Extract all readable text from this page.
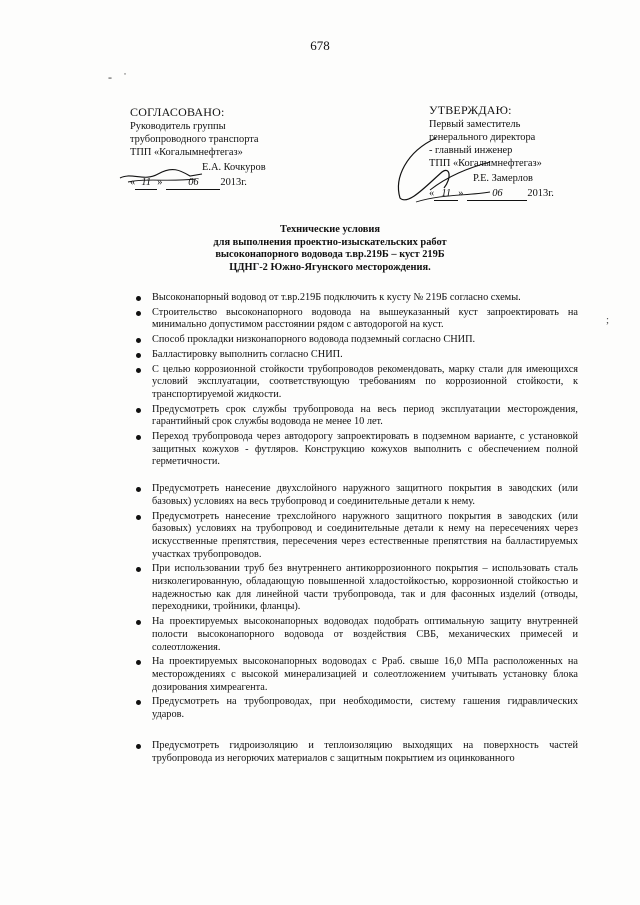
678
- ˙
;
СОГЛАСОВАНО:
Руководитель группы
трубопроводного транспорта
ТПП «Когалымнефтегаз»
Е.А. Кочкуров
« 11 » 06 2013г.
УТВЕРЖДАЮ:
Первый заместитель
генерального директора
- главный инженер
ТПП «Когалымнефтегаз»
Р.Е. Замерлов
« 11 »	06 2013г.
Технические условия
для выполнения проектно-изыскательских работ
высоконапорного водовода т.вр.219Б – куст 219Б
ЦДНГ-2 Южно-Ягунского месторождения.
Высоконапорный водовод от т.вр.219Б подключить к кусту № 219Б согласно схемы.
Строительство высоконапорного водовода на вышеуказанный куст запроектировать на минимально допустимом расстоянии рядом с автодорогой на куст.
Способ прокладки низконапорного водовода подземный согласно СНИП.
Балластировку выполнить согласно СНИП.
С целью коррозионной стойкости трубопроводов рекомендовать, марку стали для имеющихся условий эксплуатации, соответствующую требованиям по коррозионной стойкости, к транспортируемой жидкости.
Предусмотреть срок службы трубопровода на весь период эксплуатации месторождения, гарантийный срок службы водовода не менее 10 лет.
Переход трубопровода через автодорогу запроектировать в подземном варианте, с установкой защитных кожухов - футляров. Конструкцию кожухов выполнить с обеспечением полной герметичности.
Предусмотреть нанесение двухслойного наружного защитного покрытия в заводских (или базовых) условиях на весь трубопровод и соединительные детали к нему.
Предусмотреть нанесение трехслойного наружного защитного покрытия в заводских (или базовых) условиях на трубопровод и соединительные детали к нему на пересечениях через искусственные препятствия, пересечения через естественные препятствия на балластируемых участках трубопроводов.
При использовании труб без внутреннего антикоррозионного покрытия – использовать сталь низколегированную, обладающую повышенной хладостойкостью, коррозионной стойкостью и надежностью как для линейной части трубопровода, так и для фасонных изделий (отводы, переходники, тройники, фланцы).
На проектируемых высоконапорных водоводах подобрать оптимальную защиту внутренней полости высоконапорного водовода от воздействия СВБ, механических примесей и солеотложения.
На проектируемых высоконапорных водоводах с Рраб. свыше 16,0 МПа расположенных на месторождениях с высокой минерализацией и солеотложением учитывать установку блока дозирования химреагента.
Предусмотреть на трубопроводах, при необходимости, систему гашения гидравлических ударов.
Предусмотреть гидроизоляцию и теплоизоляцию выходящих на поверхность частей трубопровода из негорючих материалов с защитным покрытием из оцинкованного
